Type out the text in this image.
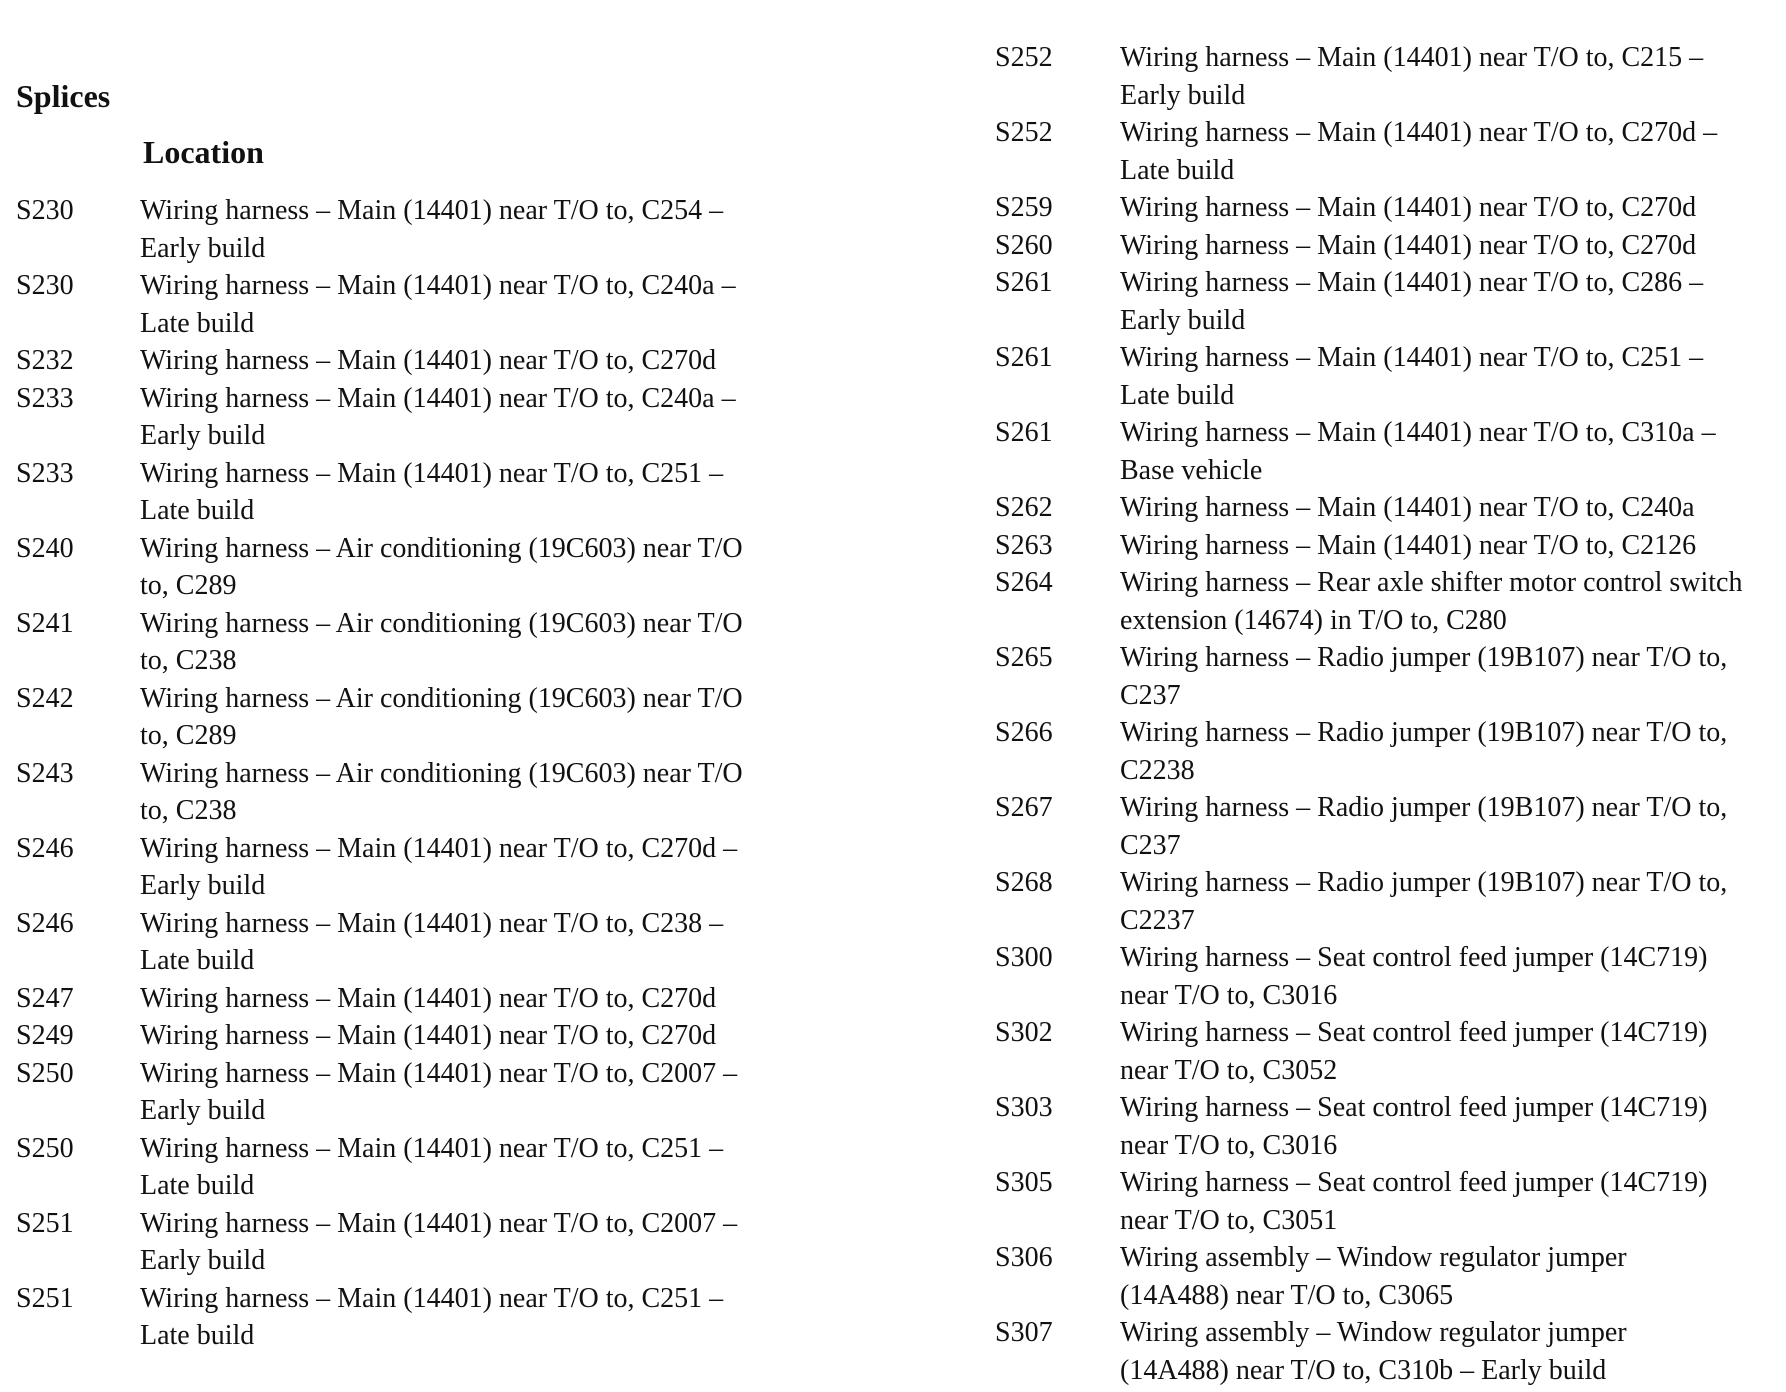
Splices
Location
S230	Wiring harness – Main (14401) near T/O to, C254 –
Early build
S230	Wiring harness – Main (14401) near T/O to, C240a –
Late build
S232	Wiring harness – Main (14401) near T/O to, C270d
S233	Wiring harness – Main (14401) near T/O to, C240a –
Early build
S233	Wiring harness – Main (14401) near T/O to, C251 –
Late build
S240	Wiring harness – Air conditioning (19C603) near T/O
to, C289
S241	Wiring harness – Air conditioning (19C603) near T/O
to, C238
S242	Wiring harness – Air conditioning (19C603) near T/O
to, C289
S243	Wiring harness – Air conditioning (19C603) near T/O
to, C238
S246	Wiring harness – Main (14401) near T/O to, C270d –
Early build
S246	Wiring harness – Main (14401) near T/O to, C238 –
Late build
S247	Wiring harness – Main (14401) near T/O to, C270d
S249	Wiring harness – Main (14401) near T/O to, C270d
S250	Wiring harness – Main (14401) near T/O to, C2007 –
Early build
S250	Wiring harness – Main (14401) near T/O to, C251 –
Late build
S251	Wiring harness – Main (14401) near T/O to, C2007 –
Early build
S251	Wiring harness – Main (14401) near T/O to, C251 –
Late build
S252	Wiring harness – Main (14401) near T/O to, C215 –
Early build
S252	Wiring harness – Main (14401) near T/O to, C270d –
Late build
S259	Wiring harness – Main (14401) near T/O to, C270d
S260	Wiring harness – Main (14401) near T/O to, C270d
S261	Wiring harness – Main (14401) near T/O to, C286 –
Early build
S261	Wiring harness – Main (14401) near T/O to, C251 –
Late build
S261	Wiring harness – Main (14401) near T/O to, C310a –
Base vehicle
S262	Wiring harness – Main (14401) near T/O to, C240a
S263	Wiring harness – Main (14401) near T/O to, C2126
S264	Wiring harness – Rear axle shifter motor control switch
extension (14674) in T/O to, C280
S265	Wiring harness – Radio jumper (19B107) near T/O to,
C237
S266	Wiring harness – Radio jumper (19B107) near T/O to,
C2238
S267	Wiring harness – Radio jumper (19B107) near T/O to,
C237
S268	Wiring harness – Radio jumper (19B107) near T/O to,
C2237
S300	Wiring harness – Seat control feed jumper (14C719)
near T/O to, C3016
S302	Wiring harness – Seat control feed jumper (14C719)
near T/O to, C3052
S303	Wiring harness – Seat control feed jumper (14C719)
near T/O to, C3016
S305	Wiring harness – Seat control feed jumper (14C719)
near T/O to, C3051
S306	Wiring assembly – Window regulator jumper
(14A488) near T/O to, C3065
S307	Wiring assembly – Window regulator jumper
(14A488) near T/O to, C310b – Early build
